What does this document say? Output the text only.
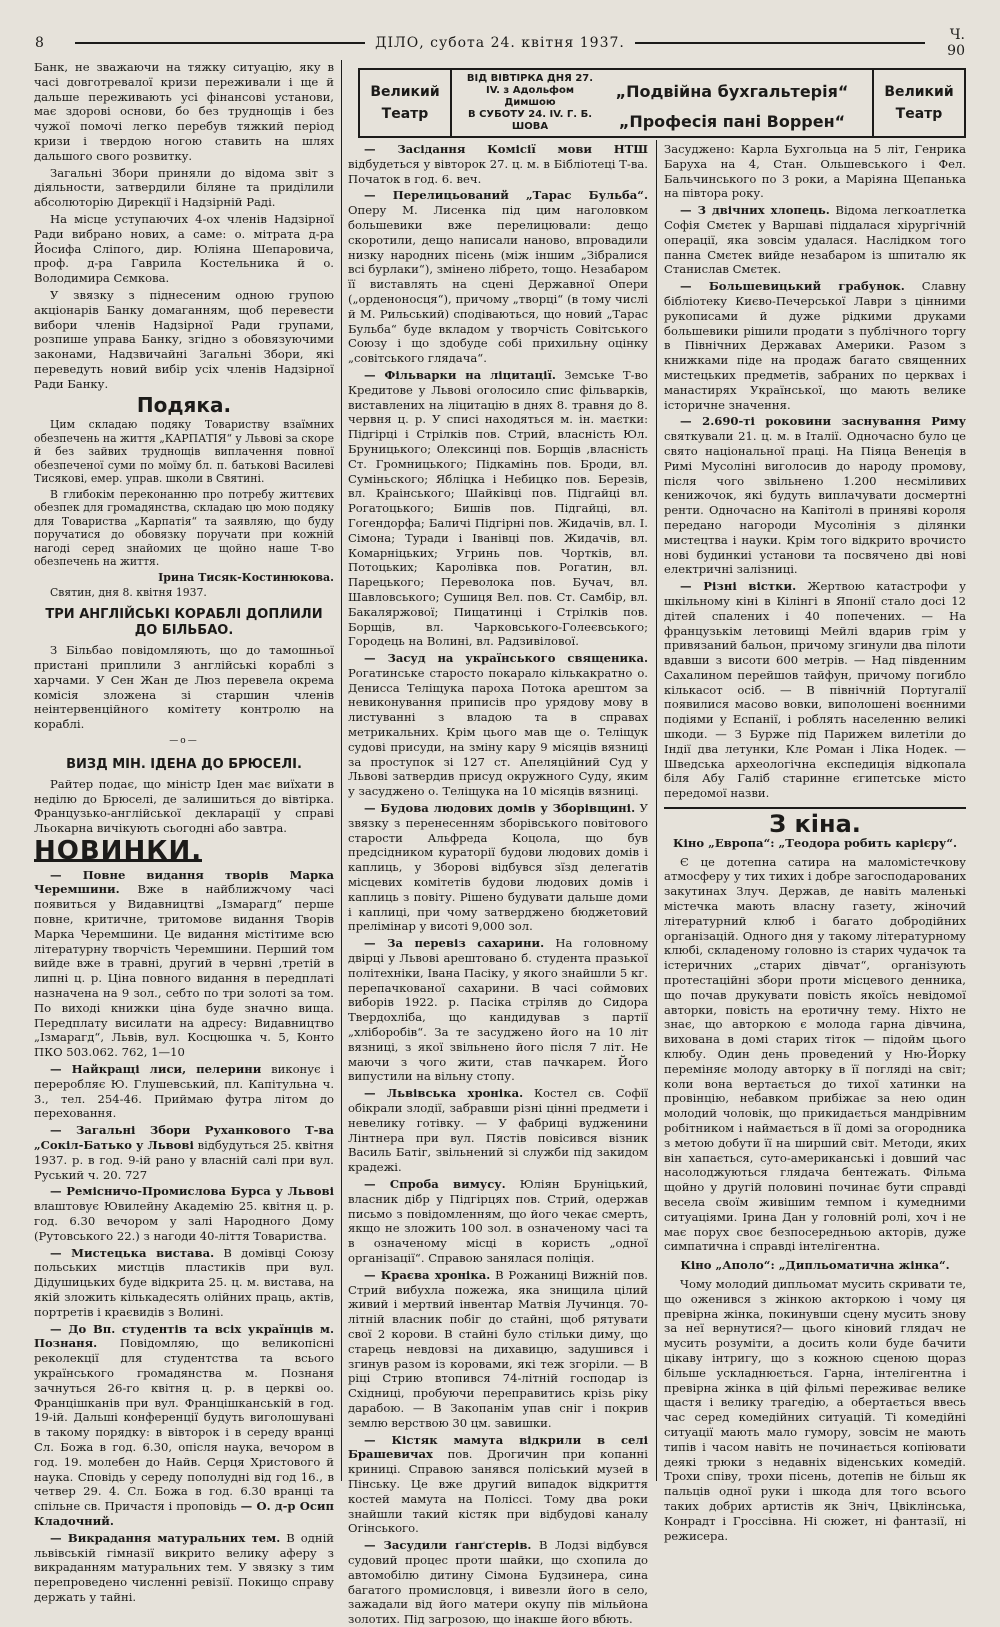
8	ДІЛО, субота 24. квітня 1937.	Ч. 90
Великий
Театр
ВІД ВІВТІРКА ДНЯ 27. IV. з Адольфом Димшою
„Подвійна бухгальтерія“
В СУБОТУ 24. IV. Г. Б. ШОВА	„Професія пані Воррен“
Великий
Театр

Банк, не зважаючи на тяжку ситуацію, яку в часі довготревалої кризи переживали і ще й дальше переживають усі фінансові установи, має здорові основи, бо без труднощів і без чужої помочі легко перебув тяжкий період кризи і твердою ногою ставить на шлях дальшого свого розвитку.

Загальні Збори приняли до відома звіт з діяльности, затвердили біляне та приділили абсолюторію Дирекції і Надзірній Раді.

На місце уступаючих 4-ох членів Надзірної Ради вибрано нових, а саме: о. мітрата д-ра Йосифа Сліпого, дир. Юліяна Шепаровича, проф. д-ра Гаврила Костельника й о. Володимира Сємкова.

У звязку з піднесеним одною групою акціонарів Банку домаганням, щоб перевести вибори членів Надзірної Ради групами, розпише управа Банку, згідно з обовязуючими законами, Надзвичайні Загальні Збори, які переведуть новий вибір усіх членів Надзірної Ради Банку.

Подяка.

Цим складаю подяку Товариству взаїмних обезпечень на життя „КАРПАТІЯ“ у Львові за скоре й без зайвих труднощів виплачення повної обезпеченої суми по моїму бл. п. батькові Василеві Тисякові, емер. управ. школи в Святині.

В глибокім переконанню про потребу життєвих обезпек для громадянства, складаю цю мою подяку для Товариства „Карпатія“ та заявляю, що буду поручатися до обовязку поручати при кожній нагоді серед знайомих це щойно наше Т-во обезпечень на життя.

Ірина Тисяк-Костинюкова.

Святин, дня 8. квітня 1937.

ТРИ АНГЛІЙСЬКІ КОРАБЛІ ДОПЛИЛИ ДО БІЛЬБАО.

З Більбао повідомляють, що до тамошньої пристані приплили 3 англійські кораблі з харчами. У Сен Жан де Люз перевела окрема комісія зложена зі старшин членів неінтервенційного комітету контролю на кораблі.

—о—
ВИЗД МІН. ІДЕНА ДО БРЮСЕЛІ.

Райтер подає, що міністр Іден має виїхати в неділю до Брюселі, де залишиться до вівтірка. Французько-англійської декларації у справі Льокарна вичікують сьогодні або завтра.

НОВИНКИ.

— Повне видання творів Марка Черемшини. Вже в найближчому часі появиться у Видавництві „Ізмарагд“ перше повне, критичне, тритомове видання Творів Марка Черемшини. Це видання містітиме всю літературну творчість Черемшини. Перший том вийде вже в травні, другий в червні ,третій в липні ц. р. Ціна повного видання в передплаті назначена на 9 зол., себто по три золоті за том. По виході книжки ціна буде значно вища. Передплату висилати на адресу: Видавництво „Ізмарагд“, Львів, вул. Косцюшка ч. 5, Конто ПКО 503.062. 762, 1—10

— Найкращі лиси, пелерини виконує і переробляє Ю. Глушевський, пл. Капітульна ч. 3., тел. 254-46. Приймаю футра літом до переховання.

— Загальні Збори Руханкового Т-ва „Сокіл-Батько у Львові відбудуться 25. квітня 1937. р. в год. 9-ій рано у власній салі при вул. Руський ч. 20. 727

— Ремісничо-Промислова Бурса у Львові влаштовує Ювилейну Академію 25. квітня ц. р. год. 6.30 вечором у залі Народного Дому (Рутовського 22.) з нагоди 40-ліття Товариства.

— Мистецька вистава. В домівці Союзу польських мистців пластиків при вул. Дідушицьких буде відкрита 25. ц. м. вистава, на якій зложить кількадесять олійних праць, актів, портретів і краєвидів з Волині.

— До Вп. студентів та всіх українців м. Познаня. Повідомляю, що великопісні реколекції для студентства та всього українського громадянства м. Познаня зачнуться 26-го квітня ц. р. в церкві оо. Францішканів при вул. Францішканській в год. 19-ій. Дальші конференції будуть виголошувані в такому порядку: в вівторок і в середу вранці Сл. Божа в год. 6.30, опісля наука, вечором в год. 19. молебен до Найв. Серця Христового й наука. Сповідь у середу пополудні від год 16., в четвер 29. 4. Сл. Божа в год. 6.30 вранці та спільне св. Причастя і проповідь — О. д-р Осип Кладочний.

— Викрадання матуральних тем. В одній львівській гімназії викрито велику аферу з викраданням матуральних тем. У звязку з тим перепроведено численні ревізії. Покищо справу держать у тайні.

— Засідання Комісії мови НТШ відбудеться у вівторок 27. ц. м. в Бібліотеці Т-ва. Початок в год. 6. веч.

— Перелицьований „Тарас Бульба“. Оперу М. Лисенка під цим наголовком большевики вже перелицювали: дещо скоротили, дещо написали наново, впровадили низку народних пісень (між іншим „Зібралися всі бурлаки“), змінено лібрето, тощо. Незабаром її виставлять на сцені Державної Опери („орденоносця“), причому „творці“ (в тому числі й М. Рильський) сподіваються, що новий „Тарас Бульба“ буде вкладом у творчість Совітського Союзу і що здобуде собі прихильну оцінку „совітського глядача“.

— Фільварки на ліцитації. Земське Т-во Кредитове у Львові оголосило спис фільварків, виставлених на ліцитацію в днях 8. травня до 8. червня ц. р. У списі находяться м. ін. маєтки: Підгірці і Стрілків пов. Стрий, власність Юл. Бруницького; Олексинці пов. Борщів ,власність Ст. Громницького; Підкамінь пов. Броди, вл. Суміньского; Ябліцка і Небицко пов. Березів, вл. Краінського; Шайківці пов. Підгайці вл. Рогатоцького; Бишів пов. Підгайці, вл. Гогендорфа; Баличі Підгірні пов. Жидачів, вл. І. Сімона; Туради і Іванівці пов. Жидачів, вл. Комарніцьких; Угринь пов. Чортків, вл. Потоцьких; Каролівка пов. Рогатин, вл. Парецького; Переволока пов. Бучач, вл. Шавловського; Сушиця Вел. пов. Ст. Самбір, вл. Бакаляржової; Пищатинці і Стрілків пов. Борщів, вл. Чарковського-Голеєвського; Городець на Волині, вл. Радзивілової.

— Засуд на українського священика. Рогатинське старосто покарало кількакратно о. Денисса Теліщука пароха Потока арештом за невиконування приписів про урядову мову в листуванні з владою та в справах метрикальних. Крім цього мав ще о. Теліщук судові присуди, на зміну кару 9 місяців вязниці за проступок зі 127 ст. Апеляційний Суд у Львові затвердив присуд окружного Суду, яким у засуджено о. Теліщука на 10 місяців вязниці.

— Будова людових домів у Зборівщині. У звязку з перенесенням зборівського повітового старости Альфреда Коцола, що був предсідником кураторії будови людових домів і каплиць, у Зборові відбувся зїзд делегатів місцевих комітетів будови людових домів і каплиць з повіту. Рішено будувати дальше доми і каплиці, при чому затверджено бюджетовий прелімінар у висоті 9,000 зол.

— За перевіз сахарини. На головному двірці у Львові арештовано б. студента празької політехніки, Івана Пасіку, у якого знайшли 5 кг. перепачкованої сахарини. В часі соймових виборів 1922. р. Пасіка стріляв до Сидора Твердохліба, що кандидував з партії „хліборобів“. За те засуджено його на 10 літ вязниці, з якої звільнено його після 7 літ. Не маючи з чого жити, став пачкарем. Його випустили на вільну стопу.

— Львівська хроніка. Костел св. Софії обікрали злодії, забравши різні цінні предмети і невелику готівку. — У фабриці вудженини Лінтнера при вул. Пястів повісився візник Василь Батіг, звільнений зі служби під закидом крадежі.

— Спроба вимусу. Юліян Бруніцький, власник дібр у Підгірцях пов. Стрий, одержав письмо з повідомленням, що його чекає смерть, якщо не зложить 100 зол. в означеному часі та в означеному місці в користь „одної організації“. Справою занялася поліція.

— Краєва хроніка. В Рожаниці Вижній пов. Стрий вибухла пожежа, яка знищила цілий живий і мертвий інвентар Матвія Лучинця. 70-літній власник побіг до стайні, щоб рятувати свої 2 корови. В стайні було стільки диму, що старець невдовзі на дихавицю, задушився і згинув разом із коровами, які теж згоріли. — В ріці Стрию втопився 74-літній господар із Східниці, пробуючи переправитись крізь ріку дарабою. — В Закопанім упав сніг і покрив землю верствою 30 цм. завишки.

— Кістяк мамута відкрили в селі Брашевичах пов. Дрогичин при копанні криниці. Справою занявся поліський музей в Пінську. Це вже другий випадок відкриття костей мамута на Поліссі. Тому два роки знайшли такий кістяк при відбудові каналу Огінського.

— Засудили ґанґстерів. В Лодзі відбувся судовий процес проти шайки, що схопила до автомобілю дитину Сімона Будзинера, сина багатого промисловця, і вивезли його в село, зажадали від його матери окупу пів мільйона золотих. Під загрозою, що інакше його вбють.

Засуджено: Карла Бухгольца на 5 літ, Генрика Баруха на 4, Стан. Ольшевського і Фел. Бальчинського по 3 роки, а Маріяна Щепанька на півтора року.

— З двічних хлопець. Відома легкоатлетка Софія Смєтек у Варшаві піддалася хірургічній операції, яка зовсім удалася. Наслідком того панна Смєтек вийде незабаром із шпиталю як Станислав Смєтек.

— Большевицький грабунок. Славну бібліотеку Києво-Печерської Лаври з цінними рукописами й дуже рідкими друками большевики рішили продати з публічного торгу в Північних Державах Америки. Разом з книжками піде на продаж багато священних мистецьких предметів, забраних по церквах і манастирях Української, що мають велике історичне значення.

— 2.690-ті роковини заснування Риму святкували 21. ц. м. в Італії. Одночасно було це свято національної праці. На Піяца Венеція в Римі Мусоліні виголосив до народу промову, після чого звільнено 1.200 несміливих кенижочок, які будуть виплачувати досмертні ренти. Одночасно на Капітолі в приняві короля передано нагороди Мусолінія з ділянки мистецтва і науки. Крім того відкрито врочисто нові будинкиі установи та посвячено дві нові електричні залізниці.

— Різні вістки. Жертвою катастрофи у шкільному кіні в Кілінгі в Японії стало досі 12 дітей спалених і 40 попечених. — На французькім летовищі Мейлі вдарив грім у привязаний бальон, причому згинули два пілоти вдавши з висоти 600 метрів. — Над південним Сахалином перейшов тайфун, причому погибло кількасот осіб. — В північній Португалії появилися масово вовки, виполошені воєнними подіями у Еспанії, і роблять населенню великі шкоди. — З Бурже під Парижем вилетіли до Індії два летунки, Клє Роман і Ліка Нодек. — Шведська археологічна експедиція відкопала біля Абу Галіб старинне єгипетське місто передомої назви.

З кіна.
Кіно „Европа“: „Теодора робить карієру“.

Є це дотепна сатира на маломістечкову атмосферу у тих тихих і добре загосподарованих закутинах Злуч. Держав, де навіть маленькі містечка мають власну газету, жіночий літературний клюб і багато добродійних організацій. Одного дня у такому літературному клюбі, складеному головно із старих чудачок та істеричних „старих дівчат“, організують протестаційні збори проти місцевого денника, що почав друкувати повість якоїсь невідомої авторки, повість на еротичну тему. Ніхто не знає, що авторкою є молода гарна дівчина, вихована в домі старих тіток — підойм цього клюбу. Один день проведений у Ню-Йорку переміняє молоду авторку в її погляді на світ; коли вона вертається до тихої хатинки на провінцію, небавком прибіжає за нею один молодий чоловік, що прикидається мандрівним робітником і наймається в її домі за огородника з метою добути її на ширший світ. Методи, яких він хапається, суто-американські і довший час насолоджуються глядача бентежать. Фільма щойно у другій половині починає бути справді весела своїм живішим темпом і кумедними ситуаціями. Ірина Дан у головній ролі, хоч і не має порух своє безпосередньою акторів, дуже симпатична і справді інтелігентна.

Кіно „Аполо“: „Дипльоматична жінка“.

Чому молодий дипльомат мусить скривати те, що оженився з жінкою акторкою і чому ця превірна жінка, покинувши сцену мусить знову за неї вернутися?— цього кіновий глядач не мусить розуміти, а досить коли буде бачити цікаву інтригу, що з кожною сценою щораз більше ускладнюється. Гарна, інтелігентна і превірна жінка в цій фільмі переживає велике щастя і велику трагедію, а обертається ввесь час серед комедійних ситуацій. Ті комедійні ситуації мають мало гумору, зовсім не мають типів і часом навіть не починається копіювати деякі трюки з недавніх віденських комедій. Трохи співу, трохи пісень, дотепів не більш як пальців одної руки і шкода для того всього таких добрих артистів як Зніч, Цвіклінська, Конрадт і Гроссівна. Ні сюжет, ні фантазії, ні режисера.
